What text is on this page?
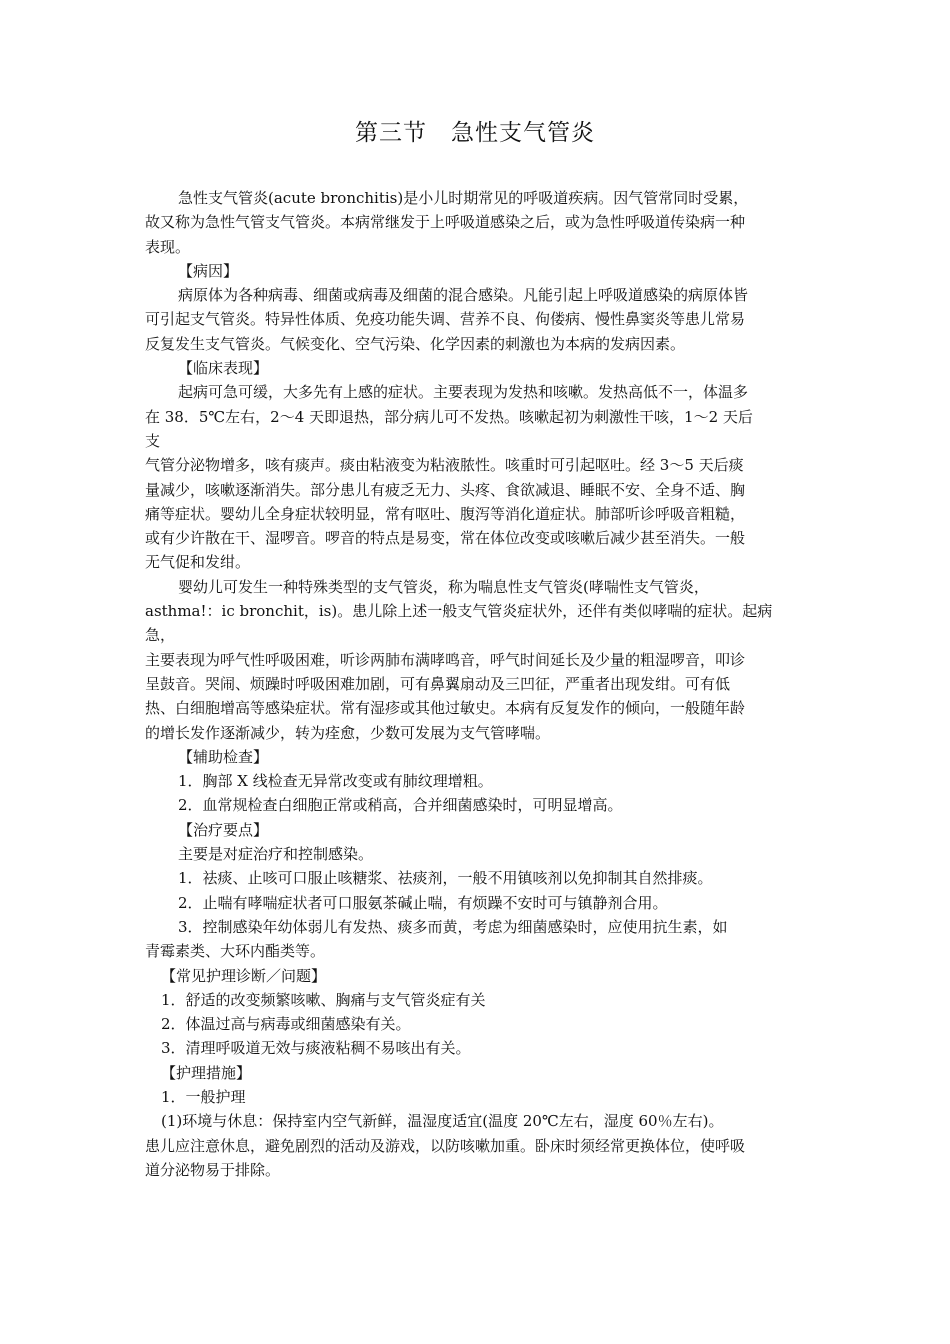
第三节　急性支气管炎
急性支气管炎(acute bronchitis)是小儿时期常见的呼吸道疾病。因气管常同时受累，
故又称为急性气管支气管炎。本病常继发于上呼吸道感染之后，或为急性呼吸道传染病一种
表现。
【病因】
病原体为各种病毒、细菌或病毒及细菌的混合感染。凡能引起上呼吸道感染的病原体皆
可引起支气管炎。特异性体质、免疫功能失调、营养不良、佝偻病、慢性鼻窦炎等患儿常易
反复发生支气管炎。气候变化、空气污染、化学因素的刺激也为本病的发病因素。
【临床表现】
起病可急可缓，大多先有上感的症状。主要表现为发热和咳嗽。发热高低不一，体温多
在 38．5℃左右，2～4 天即退热，部分病儿可不发热。咳嗽起初为刺激性干咳，1～2 天后
支
气管分泌物增多，咳有痰声。痰由粘液变为粘液脓性。咳重时可引起呕吐。经 3～5 天后痰
量减少，咳嗽逐渐消失。部分患儿有疲乏无力、头疼、食欲减退、睡眠不安、全身不适、胸
痛等症状。婴幼儿全身症状较明显，常有呕吐、腹泻等消化道症状。肺部听诊呼吸音粗糙，
或有少许散在干、湿啰音。啰音的特点是易变，常在体位改变或咳嗽后减少甚至消失。一般
无气促和发绀。
婴幼儿可发生一种特殊类型的支气管炎，称为喘息性支气管炎(哮喘性支气管炎，
asthma!：ic bronchit，is)。患儿除上述一般支气管炎症状外，还伴有类似哮喘的症状。起病
急，
主要表现为呼气性呼吸困难，听诊两肺布满哮鸣音，呼气时间延长及少量的粗湿啰音，叩诊
呈鼓音。哭闹、烦躁时呼吸困难加剧，可有鼻翼扇动及三凹征，严重者出现发绀。可有低
热、白细胞增高等感染症状。常有湿疹或其他过敏史。本病有反复发作的倾向，一般随年龄
的增长发作逐渐减少，转为痊愈，少数可发展为支气管哮喘。
【辅助检查】
1．胸部 X 线检查无异常改变或有肺纹理增粗。
2．血常规检查白细胞正常或稍高，合并细菌感染时，可明显增高。
【治疗要点】
主要是对症治疗和控制感染。
1．祛痰、止咳可口服止咳糖浆、祛痰剂，一般不用镇咳剂以免抑制其自然排痰。
2．止喘有哮喘症状者可口服氨茶碱止喘，有烦躁不安时可与镇静剂合用。
3．控制感染年幼体弱儿有发热、痰多而黄，考虑为细菌感染时，应使用抗生素，如
青霉素类、大环内酯类等。
【常见护理诊断／问题】
1．舒适的改变频繁咳嗽、胸痛与支气管炎症有关
2．体温过高与病毒或细菌感染有关。
3．清理呼吸道无效与痰液粘稠不易咳出有关。
【护理措施】
1．一般护理
(1)环境与休息：保持室内空气新鲜，温湿度适宜(温度 20℃左右，湿度 60％左右)。
患儿应注意休息，避免剧烈的活动及游戏，以防咳嗽加重。卧床时须经常更换体位，使呼吸
道分泌物易于排除。
